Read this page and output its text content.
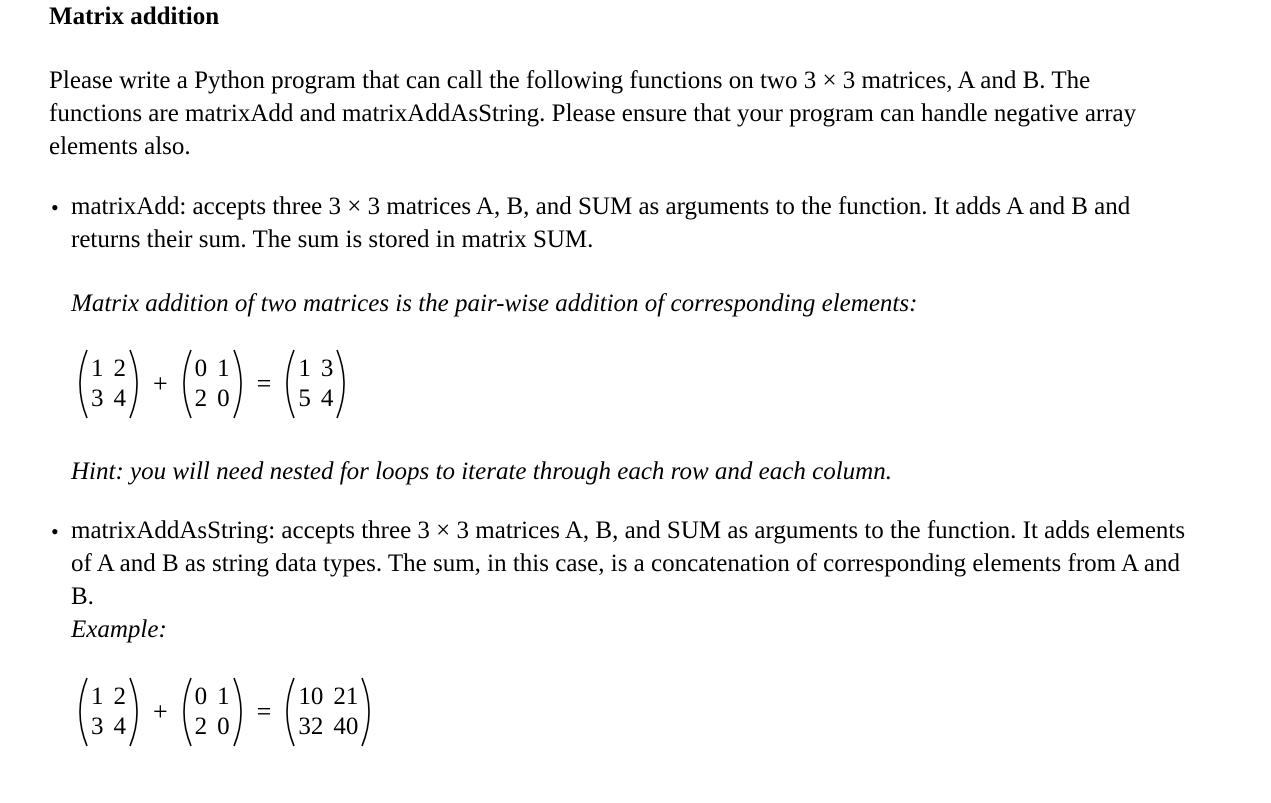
Matrix addition

Please write a Python program that can call the following functions on two 3 × 3 matrices, A and B. The functions are matrixAdd and matrixAddAsString. Please ensure that your program can handle negative array elements also.

• matrixAdd: accepts three 3 × 3 matrices A, B, and SUM as arguments to the function. It adds A and B and returns their sum. The sum is stored in matrix SUM.

Matrix addition of two matrices is the pair-wise addition of corresponding elements:

1 2
3 4
+
0 1
2 0
=
1 3
5 4

Hint: you will need nested for loops to iterate through each row and each column.

• matrixAddAsString: accepts three 3 × 3 matrices A, B, and SUM as arguments to the function. It adds elements of A and B as string data types. The sum, in this case, is a concatenation of corresponding elements from A and B.

Example:

1 2
3 4
+
0 1
2 0
=
10 21
32 40
